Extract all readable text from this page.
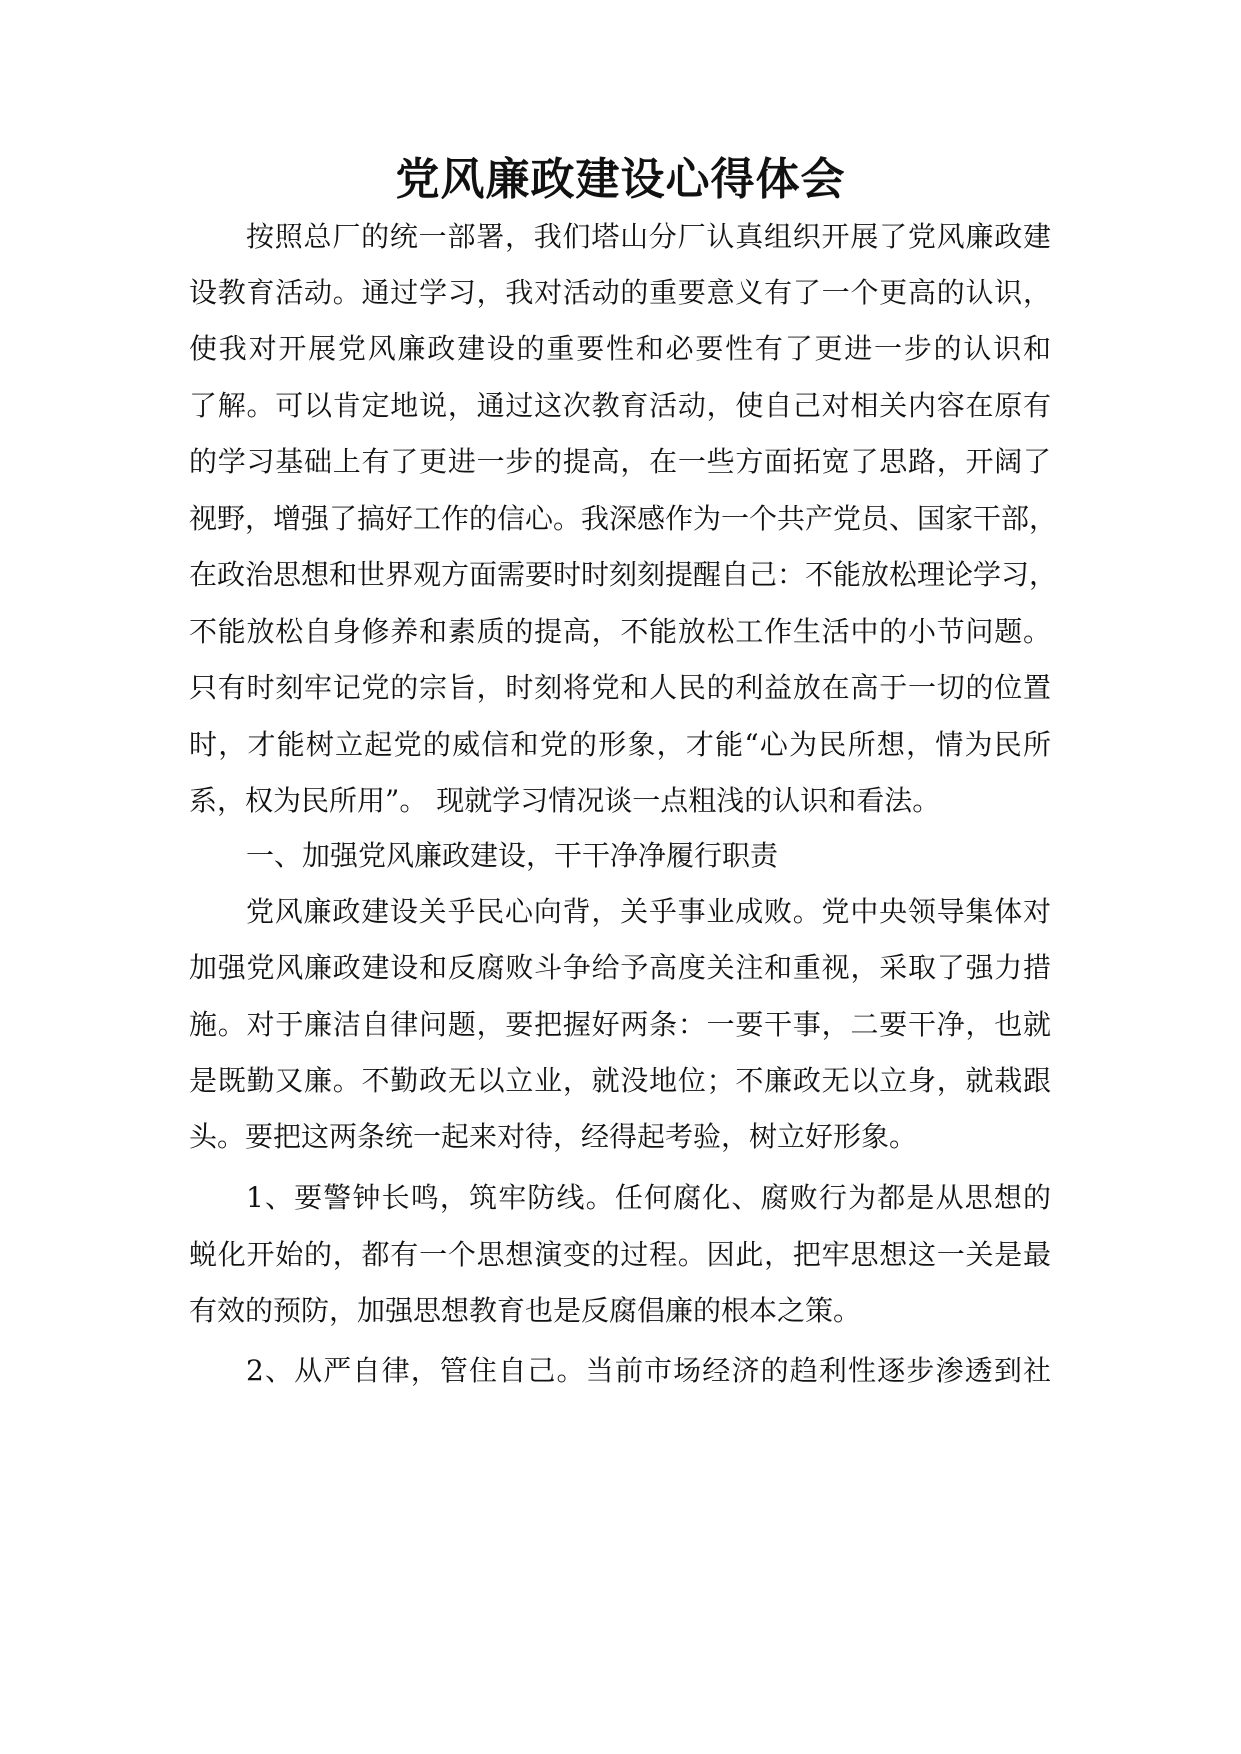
党风廉政建设心得体会

按照总厂的统一部署，我们塔山分厂认真组织开展了党风廉政建

设教育活动。通过学习，我对活动的重要意义有了一个更高的认识，

使我对开展党风廉政建设的重要性和必要性有了更进一步的认识和

了解。可以肯定地说，通过这次教育活动，使自己对相关内容在原有

的学习基础上有了更进一步的提高，在一些方面拓宽了思路，开阔了

视野，增强了搞好工作的信心。我深感作为一个共产党员、国家干部，

在政治思想和世界观方面需要时时刻刻提醒自己：不能放松理论学习，

不能放松自身修养和素质的提高，不能放松工作生活中的小节问题。

只有时刻牢记党的宗旨，时刻将党和人民的利益放在高于一切的位置

时，才能树立起党的威信和党的形象，才能“心为民所想，情为民所

系，权为民所用”。 现就学习情况谈一点粗浅的认识和看法。

一、加强党风廉政建设，干干净净履行职责

党风廉政建设关乎民心向背，关乎事业成败。党中央领导集体对

加强党风廉政建设和反腐败斗争给予高度关注和重视，采取了强力措

施。对于廉洁自律问题，要把握好两条：一要干事，二要干净，也就

是既勤又廉。不勤政无以立业，就没地位；不廉政无以立身，就栽跟

头。要把这两条统一起来对待，经得起考验，树立好形象。

1、要警钟长鸣，筑牢防线。任何腐化、腐败行为都是从思想的

蜕化开始的，都有一个思想演变的过程。因此，把牢思想这一关是最

有效的预防，加强思想教育也是反腐倡廉的根本之策。

2、从严自律，管住自己。当前市场经济的趋利性逐步渗透到社
